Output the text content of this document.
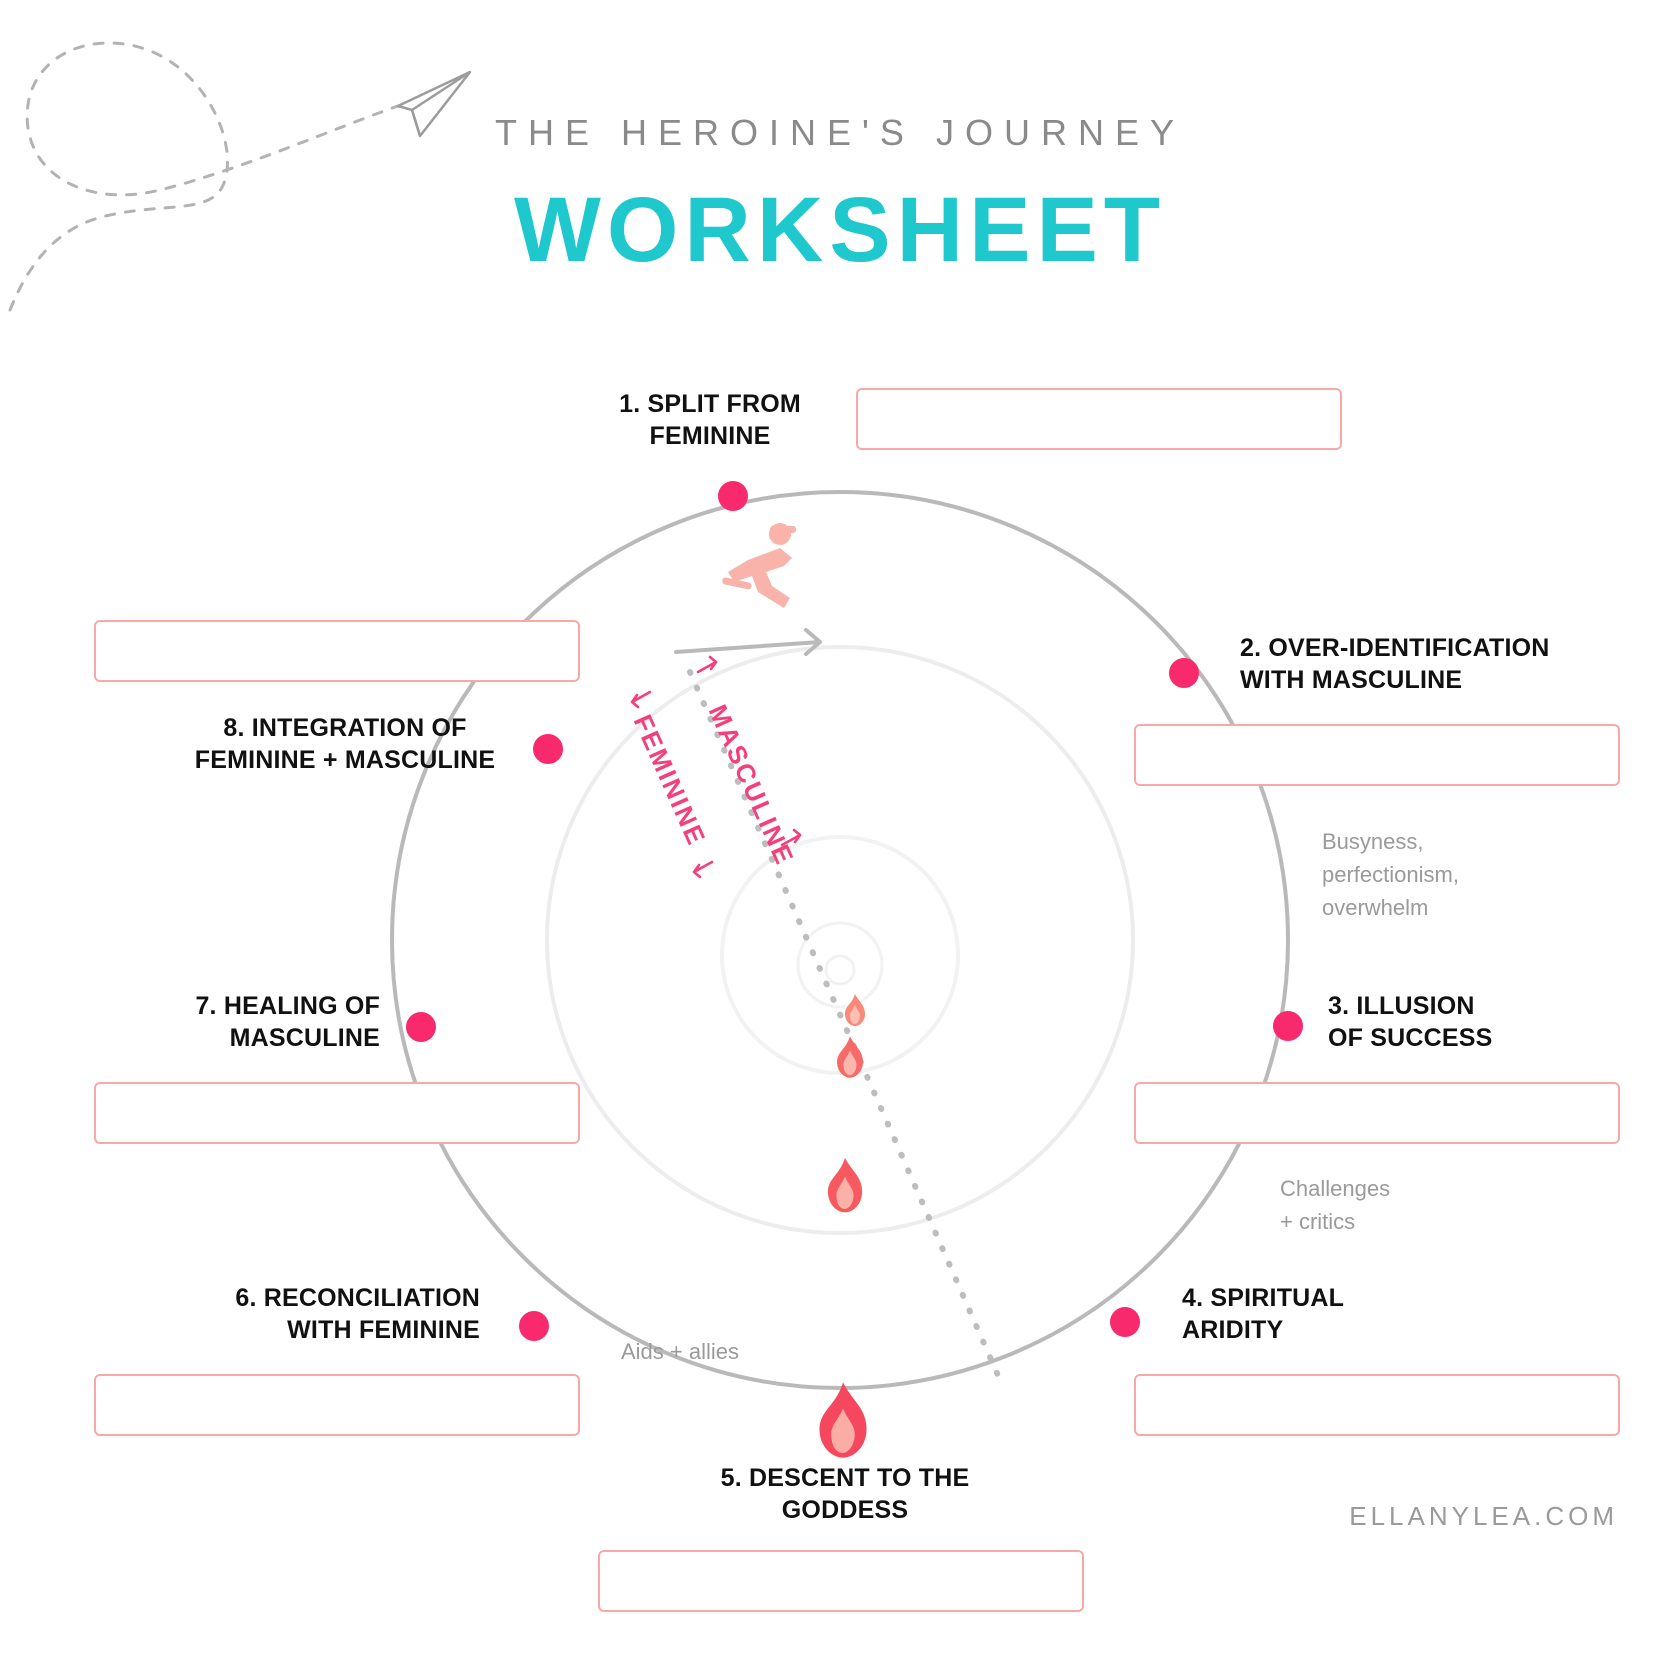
THE HEROINE'S JOURNEY
WORKSHEET
MASCULINE
FEMININE
1. SPLIT FROM
FEMININE
2. OVER-IDENTIFICATION
WITH MASCULINE
Busyness,
perfectionism,
overwhelm
3. ILLUSION
OF SUCCESS
Challenges
+ critics
4. SPIRITUAL
ARIDITY
5. DESCENT TO THE
GODDESS
6. RECONCILIATION
WITH FEMININE
Aids + allies
7. HEALING OF
MASCULINE
8. INTEGRATION OF
FEMININE + MASCULINE
ELLANYLEA.COM
